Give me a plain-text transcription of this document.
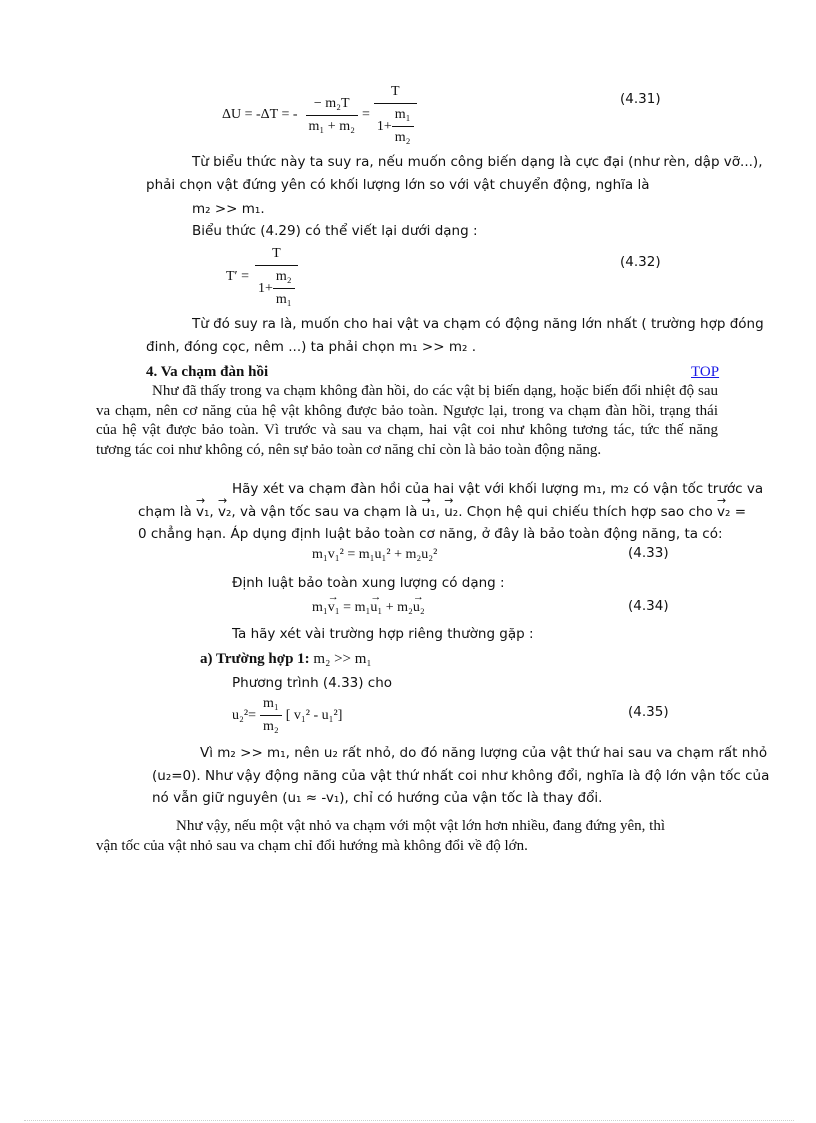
ΔU = -ΔT = - $\frac{\text{− m₂T}}{\text{m₁ + m₂}} = \frac{T}{1+ \frac{\text{m₁}}{\text{m₂}}}$	(4.31)
Từ biểu thức này ta suy ra, nếu muốn công biến dạng là cực đại (như rèn, dập vỡ...),
phải chọn vật đứng yên có khối lượng lớn so với vật chuyển động, nghĩa là
m₂ >> m₁.
Biểu thức (4.29) có thể viết lại dưới dạng :
$T' = \frac{T}{1+ \frac{\text{m₂}}{\text{m₁}}}$	(4.32)
Từ đó suy ra là, muốn cho hai vật va chạm có động năng lớn nhất ( trường hợp đóng
đinh, đóng cọc, nêm ...) ta phải chọn m₁ >> m₂ .
4. Va chạm đàn hồi	TOP

Như đã thấy trong va chạm không đàn hồi, do các vật bị biến dạng, hoặc biến đổi nhiệt độ sau va chạm, nên cơ năng của hệ vật không được bảo toàn. Ngược lại, trong va chạm đàn hồi, trạng thái của hệ vật được bảo toàn. Vì trước và sau va chạm, hai vật coi như không tương tác, tức thế năng tương tác coi như không có, nên sự bảo toàn cơ năng chỉ còn là bảo toàn động năng.

Hãy xét va chạm đàn hồi của hai vật với khối lượng m₁, m₂ có vận tốc trước va
chạm là → v₁, → v₂, và vận tốc sau va chạm là → u₁, → u₂. Chọn hệ qui chiếu thích hợp sao cho → v₂ =
0 chẳng hạn. Áp dụng định luật bảo toàn cơ năng, ở đây là bảo toàn động năng, ta có:
m₁v₁² = m₁u₁² + m₂u₂²	(4.33)
Định luật bảo toàn xung lượng có dạng :
m₁→ v₁ = m₁→ u₁ + m₂→ u₂	(4.34)
Ta hãy xét vài trường hợp riêng thường gặp :
a) Trường hợp 1: m₂ >> m₁
Phương trình (4.33) cho
$u_2^2= \frac{\text{m₁}}{\text{m₂}}$ [ v₁² - u₁²]	(4.35)
Vì m₂ >> m₁, nên u₂ rất nhỏ, do đó năng lượng của vật thứ hai sau va chạm rất nhỏ
(u₂=0). Như vậy động năng của vật thứ nhất coi như không đổi, nghĩa là độ lớn vận tốc của
nó vẫn giữ nguyên (u₁ ≈ -v₁), chỉ có hướng của vận tốc là thay đổi.
Như vậy, nếu một vật nhỏ va chạm với một vật lớn hơn nhiều, đang đứng yên, thì
vận tốc của vật nhỏ sau va chạm chỉ đổi hướng mà không đổi về độ lớn.
